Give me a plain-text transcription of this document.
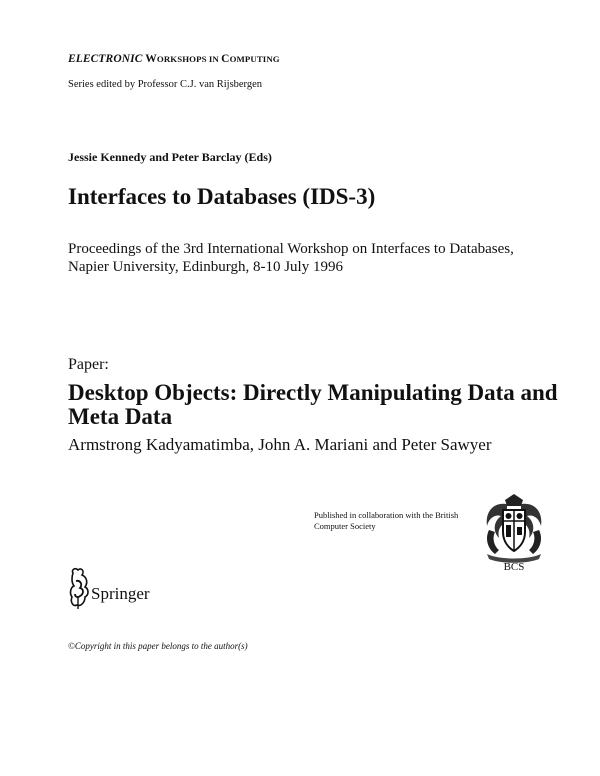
ELECTRONIC WORKSHOPS IN COMPUTING
Series edited by Professor C.J. van Rijsbergen
Jessie Kennedy and Peter Barclay (Eds)
Interfaces to Databases (IDS-3)
Proceedings of the 3rd International Workshop on Interfaces to Databases, Napier University, Edinburgh, 8-10 July 1996
Paper:
Desktop Objects: Directly Manipulating Data and Meta Data
Armstrong Kadyamatimba, John A. Mariani and Peter Sawyer
Published in collaboration with the British Computer Society
BCS
Springer
©Copyright in this paper belongs to the author(s)
